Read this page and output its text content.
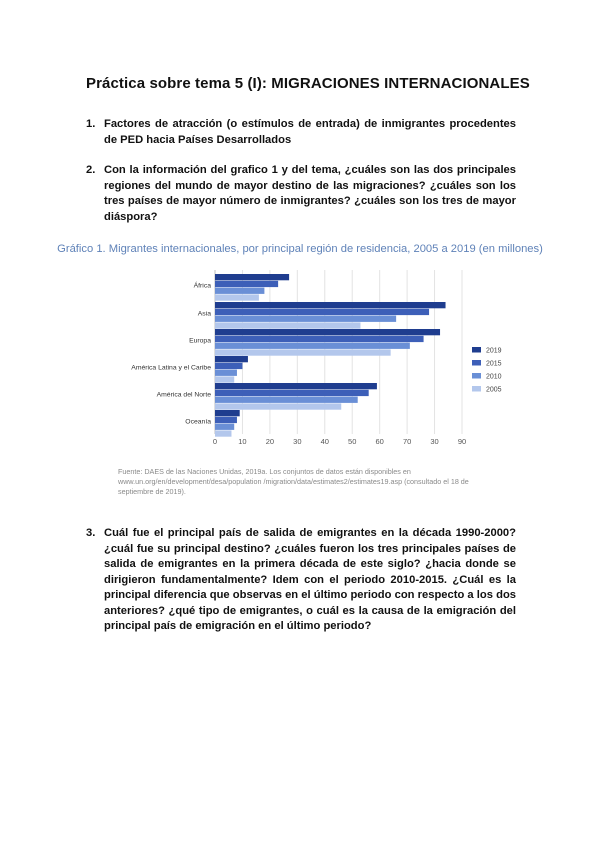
Práctica sobre tema 5 (I): MIGRACIONES INTERNACIONALES
1. Factores de atracción (o estímulos de entrada) de inmigrantes procedentes de PED hacia Países Desarrollados
2. Con la información del grafico 1 y del tema, ¿cuáles son las dos principales regiones del mundo de mayor destino de las migraciones? ¿cuáles son los tres países de mayor número de inmigrantes? ¿cuáles son los tres de mayor diáspora?
Gráfico 1. Migrantes internacionales, por principal región de residencia, 2005 a 2019 (en millones)
0	10	20	30	40	50	60	70	30	90
África
Asia
Europa
América Latina y el Caribe
América del Norte
Oceanía
2019
2015
2010
2005
Fuente: DAES de las Naciones Unidas, 2019a. Los conjuntos de datos están disponibles en www.un.org/en/development/desa/population /migration/data/estimates2/estimates19.asp (consultado el 18 de septiembre de 2019).
3. Cuál fue el principal país de salida de emigrantes en la década 1990-2000? ¿cuál fue su principal destino? ¿cuáles fueron los tres principales países de salida de emigrantes en la primera década de este siglo? ¿hacia donde se dirigieron fundamentalmente? Idem con el periodo 2010-2015. ¿Cuál es la principal diferencia que observas en el último periodo con respecto a los dos anteriores? ¿qué tipo de emigrantes, o cuál es la causa de la emigración del principal país de emigración en el último periodo?
